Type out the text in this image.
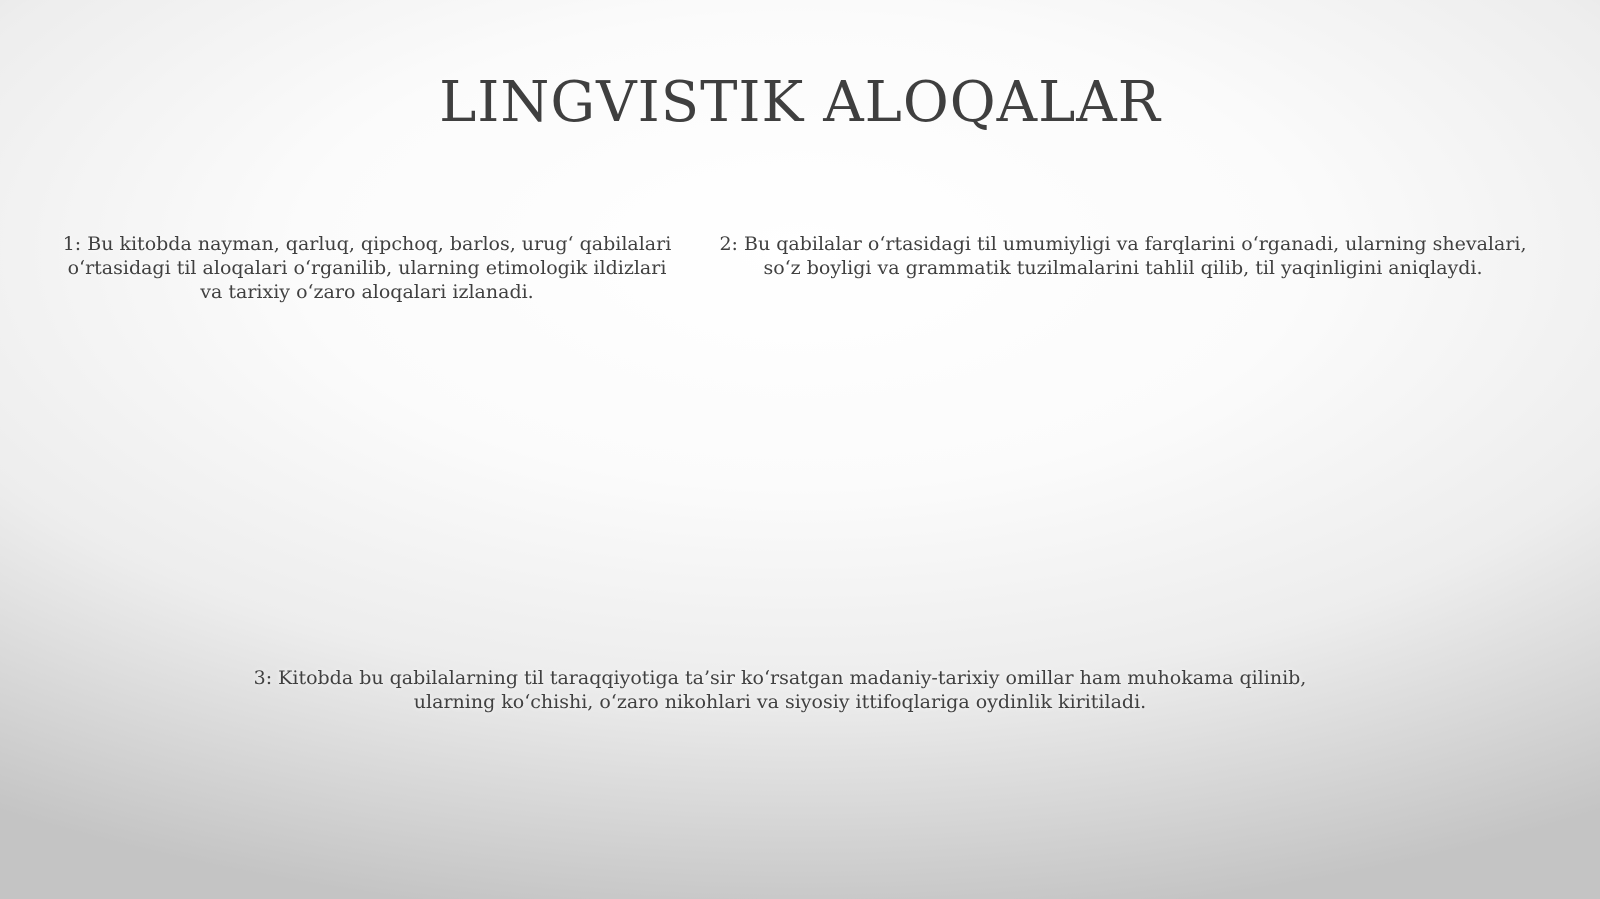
LINGVISTIK ALOQALAR

1: Bu kitobda nayman, qarluq, qipchoq, barlos, urug‘ qabilalari o‘rtasidagi til aloqalari o‘rganilib, ularning etimologik ildizlari va tarixiy o‘zaro aloqalari izlanadi.

2: Bu qabilalar o‘rtasidagi til umumiyligi va farqlarini o‘rganadi, ularning shevalari, so‘z boyligi va grammatik tuzilmalarini tahlil qilib, til yaqinligini aniqlaydi.

3: Kitobda bu qabilalarning til taraqqiyotiga ta’sir ko‘rsatgan madaniy-tarixiy omillar ham muhokama qilinib, ularning ko‘chishi, o‘zaro nikohlari va siyosiy ittifoqlariga oydinlik kiritiladi.
